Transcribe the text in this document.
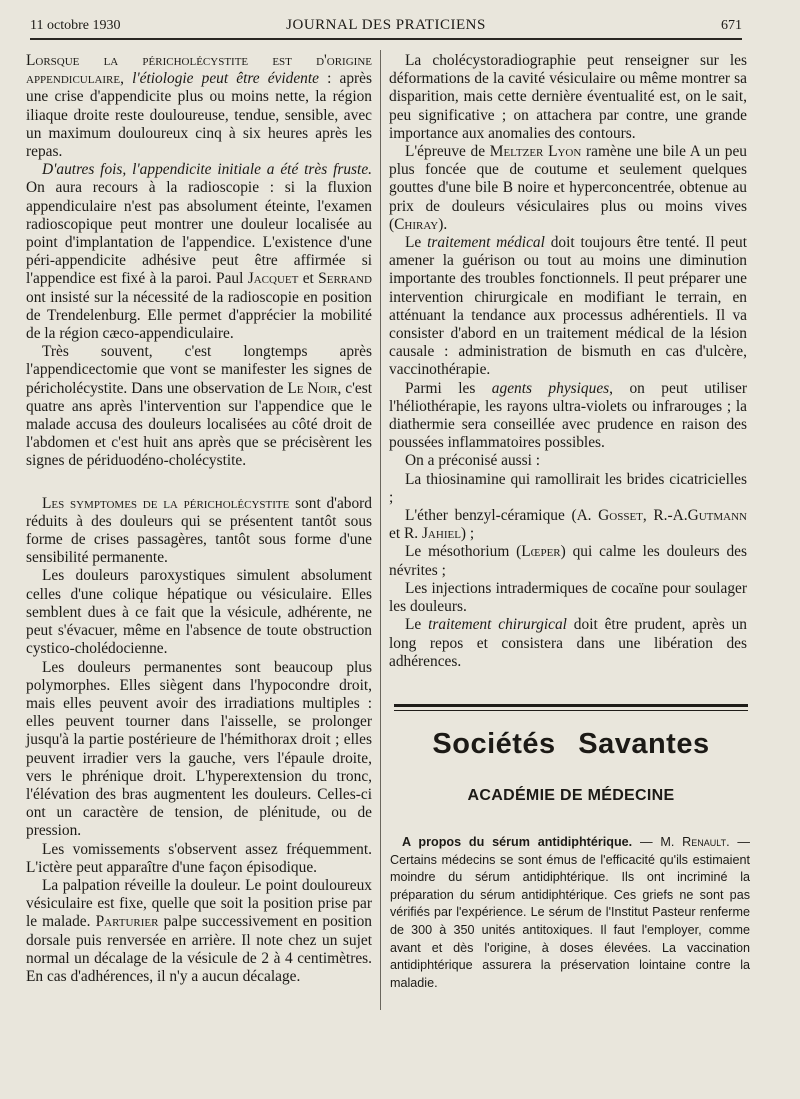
11 octobre 1930	JOURNAL DES PRATICIENS	671

Lorsque la péricholécystite est d'origine appendiculaire, l'étiologie peut être évidente : après une crise d'appendicite plus ou moins nette, la région iliaque droite reste douloureuse, tendue, sensible, avec un maximum douloureux cinq à six heures après les repas.

D'autres fois, l'appendicite initiale a été très fruste. On aura recours à la radioscopie : si la fluxion appendiculaire n'est pas absolument éteinte, l'examen radioscopique peut montrer une douleur localisée au point d'implantation de l'appendice. L'existence d'une péri-appendicite adhésive peut être affirmée si l'appendice est fixé à la paroi. Paul Jacquet et Serrand ont insisté sur la nécessité de la radioscopie en position de Trendelenburg. Elle permet d'apprécier la mobilité de la région cæco-appendiculaire.

Très souvent, c'est longtemps après l'appendicectomie que vont se manifester les signes de péricholécystite. Dans une observation de Le Noir, c'est quatre ans après l'intervention sur l'appendice que le malade accusa des douleurs localisées au côté droit de l'abdomen et c'est huit ans après que se précisèrent les signes de périduodéno-cholécystite.

Les symptomes de la péricholécystite sont d'abord réduits à des douleurs qui se présentent tantôt sous forme de crises passagères, tantôt sous forme d'une sensibilité permanente.

Les douleurs paroxystiques simulent absolument celles d'une colique hépatique ou vésiculaire. Elles semblent dues à ce fait que la vésicule, adhérente, ne peut s'évacuer, même en l'absence de toute obstruction cystico-cholédocienne.

Les douleurs permanentes sont beaucoup plus polymorphes. Elles siègent dans l'hypocondre droit, mais elles peuvent avoir des irradiations multiples : elles peuvent tourner dans l'aisselle, se prolonger jusqu'à la partie postérieure de l'hémithorax droit ; elles peuvent irradier vers la gauche, vers l'épaule droite, vers le phrénique droit. L'hyperextension du tronc, l'élévation des bras augmentent les douleurs. Celles-ci ont un caractère de tension, de plénitude, ou de pression.

Les vomissements s'observent assez fréquemment. L'ictère peut apparaître d'une façon épisodique.

La palpation réveille la douleur. Le point douloureux vésiculaire est fixe, quelle que soit la position prise par le malade. Parturier palpe successivement en position dorsale puis renversée en arrière. Il note chez un sujet normal un décalage de la vésicule de 2 à 4 centimètres. En cas d'adhérences, il n'y a aucun décalage.

La cholécystoradiographie peut renseigner sur les déformations de la cavité vésiculaire ou même montrer sa disparition, mais cette dernière éventualité est, on le sait, peu significative ; on attachera par contre, une grande importance aux anomalies des contours.

L'épreuve de Meltzer Lyon ramène une bile A un peu plus foncée que de coutume et seulement quelques gouttes d'une bile B noire et hyperconcentrée, obtenue au prix de douleurs vésiculaires plus ou moins vives (Chiray).

Le traitement médical doit toujours être tenté. Il peut amener la guérison ou tout au moins une diminution importante des troubles fonctionnels. Il peut préparer une intervention chirurgicale en modifiant le terrain, en atténuant la tendance aux processus adhérentiels. Il va consister d'abord en un traitement médical de la lésion causale : administration de bismuth en cas d'ulcère, vaccinothérapie.

Parmi les agents physiques, on peut utiliser l'héliothérapie, les rayons ultra-violets ou infrarouges ; la diathermie sera conseillée avec prudence en raison des poussées inflammatoires possibles.

On a préconisé aussi :

La thiosinamine qui ramollirait les brides cicatricielles ;

L'éther benzyl-céramique (A. Gosset, R.-A.Gutmann et R. Jahiel) ;

Le mésothorium (Lœper) qui calme les douleurs des névrites ;

Les injections intradermiques de cocaïne pour soulager les douleurs.

Le traitement chirurgical doit être prudent, après un long repos et consistera dans une libération des adhérences.

Sociétés Savantes
ACADÉMIE DE MÉDECINE

A propos du sérum antidiphtérique. — M. Renault. — Certains médecins se sont émus de l'efficacité qu'ils estimaient moindre du sérum antidiphtérique. Ils ont incriminé la préparation du sérum antidiphtérique. Ces griefs ne sont pas vérifiés par l'expérience. Le sérum de l'Institut Pasteur renferme de 300 à 350 unités antitoxiques. Il faut l'employer, comme avant et dès l'origine, à doses élevées. La vaccination antidiphtérique assurera la préservation lointaine contre la maladie.
